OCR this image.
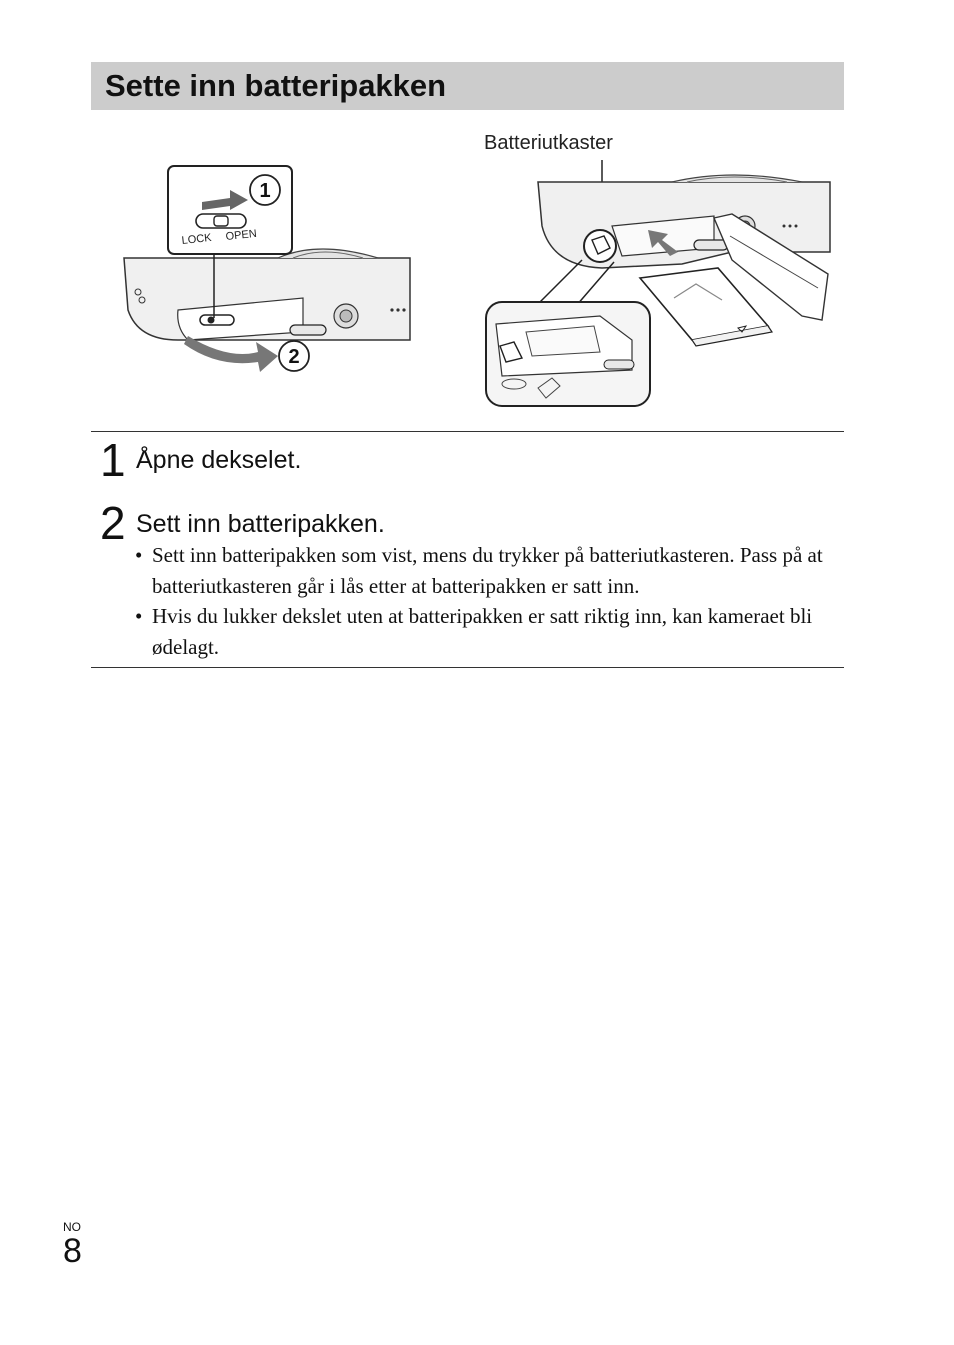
Sette inn batteripakken
LOCK OPEN
1
2
Batteriutkaster
1 Åpne dekselet.
2 Sett inn batteripakken.
• Sett inn batteripakken som vist, mens du trykker på batteriutkasteren. Pass på at batteriutkasteren går i lås etter at batteripakken er satt inn.
• Hvis du lukker dekslet uten at batteripakken er satt riktig inn, kan kameraet bli ødelagt.
NO
8
